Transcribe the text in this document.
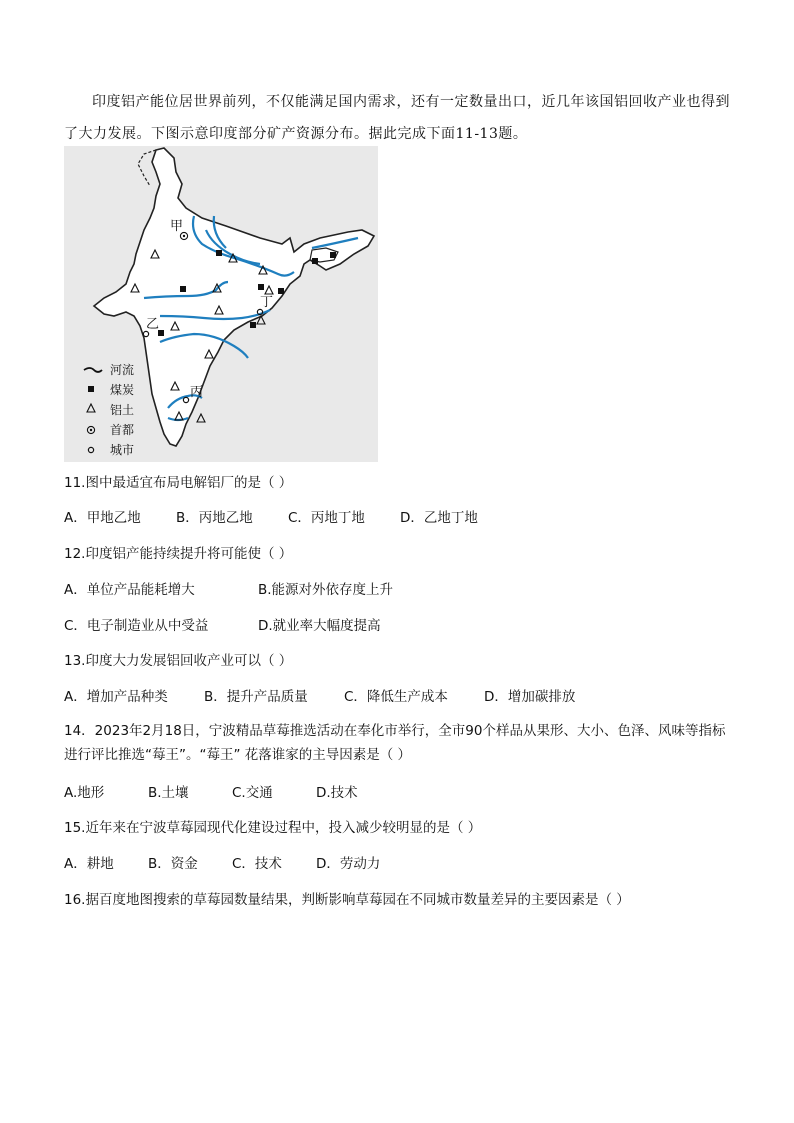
印度铝产能位居世界前列，不仅能满足国内需求，还有一定数量出口，近几年该国铝回收产业也得到了大力发展。下图示意印度部分矿产资源分布。据此完成下面11-13题。

甲
丁
乙
丙
河流
煤炭
铝土
首都
城市

11.图中最适宜布局电解铝厂的是（ ）

A．甲地乙地	B．丙地乙地	C．丙地丁地	D．乙地丁地

12.印度铝产能持续提升将可能使（ ）

A．单位产品能耗增大	B.能源对外依存度上升
C．电子制造业从中受益	D.就业率大幅度提高

13.印度大力发展铝回收产业可以（ ）

A．增加产品种类	B．提升产品质量	C．降低生产成本	D．增加碳排放

14．2023年2月18日，宁波精品草莓推选活动在奉化市举行，全市90个样品从果形、大小、色泽、风味等指标进行评比推选“莓王”。“莓王” 花落谁家的主导因素是（ ）

A.地形	B.土壤	C.交通	D.技术

15.近年来在宁波草莓园现代化建设过程中，投入减少较明显的是（ ）

A．耕地	B．资金	C．技术	D．劳动力

16.据百度地图搜索的草莓园数量结果，判断影响草莓园在不同城市数量差异的主要因素是（ ）
